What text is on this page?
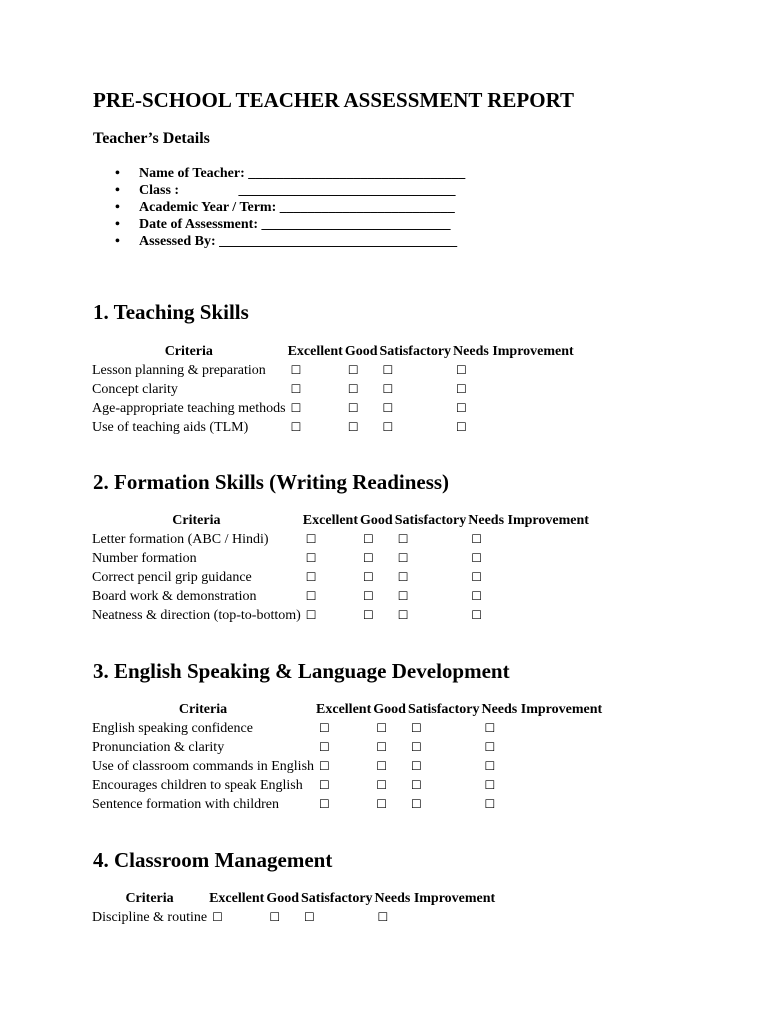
PRE-SCHOOL TEACHER ASSESSMENT REPORT
Teacher’s Details
• Name of Teacher: _______________________________
• Class :                 _______________________________
• Academic Year / Term: _________________________
• Date of Assessment: ___________________________
• Assessed By: __________________________________
1. Teaching Skills
Criteria	Excellent	Good	Satisfactory	Needs Improvement
Lesson planning & preparation	☐	☐	☐	☐
Concept clarity	☐	☐	☐	☐
Age-appropriate teaching methods	☐	☐	☐	☐
Use of teaching aids (TLM)	☐	☐	☐	☐
2. Formation Skills (Writing Readiness)
Criteria	Excellent	Good	Satisfactory	Needs Improvement
Letter formation (ABC / Hindi)	☐	☐	☐	☐
Number formation	☐	☐	☐	☐
Correct pencil grip guidance	☐	☐	☐	☐
Board work & demonstration	☐	☐	☐	☐
Neatness & direction (top-to-bottom)	☐	☐	☐	☐
3. English Speaking & Language Development
Criteria	Excellent	Good	Satisfactory	Needs Improvement
English speaking confidence	☐	☐	☐	☐
Pronunciation & clarity	☐	☐	☐	☐
Use of classroom commands in English	☐	☐	☐	☐
Encourages children to speak English	☐	☐	☐	☐
Sentence formation with children	☐	☐	☐	☐
4. Classroom Management
Criteria	Excellent	Good	Satisfactory	Needs Improvement
Discipline & routine	☐	☐	☐	☐
